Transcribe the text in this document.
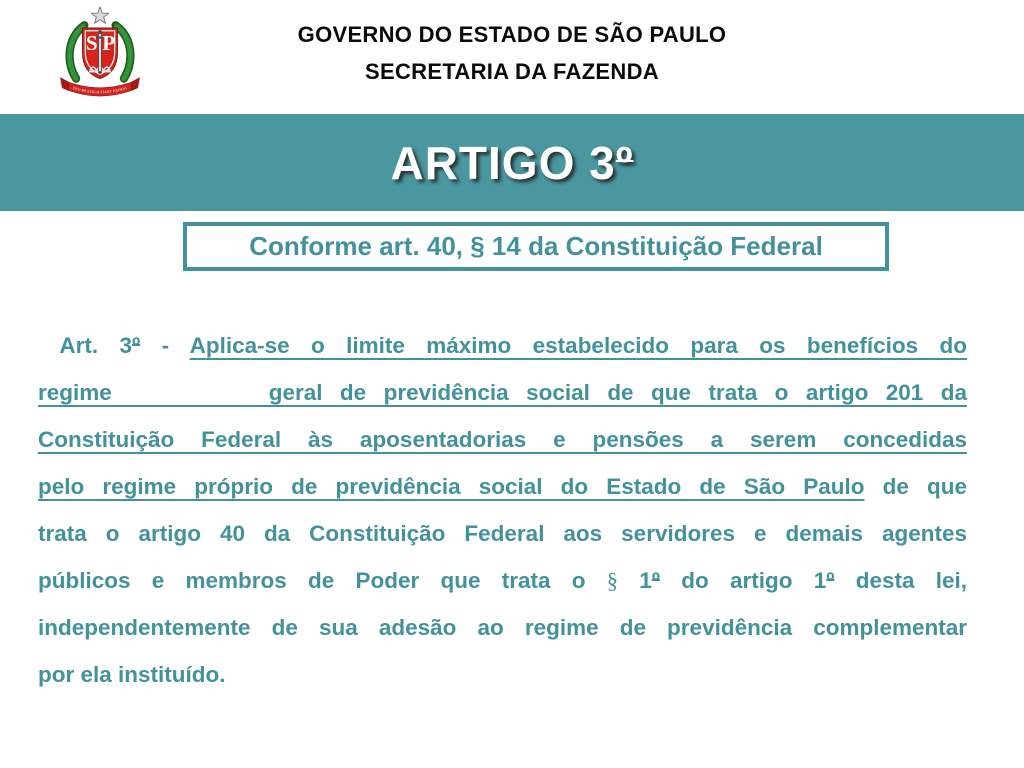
S P
PRO BRASILIA FIANT EXIMIA
GOVERNO DO ESTADO DE SÃO PAULO
SECRETARIA DA FAZENDA
ARTIGO 3º
Conforme art. 40, § 14 da Constituição Federal
Art. 3º - Aplica-se o limite máximo estabelecido para os benefícios do
regime         geral de previdência social de que trata o artigo 201 da
Constituição Federal às aposentadorias e pensões a serem concedidas
pelo regime próprio de previdência social do Estado de São Paulo de que
trata o artigo 40 da Constituição Federal aos servidores e demais agentes
públicos e membros de Poder que trata o § 1º do artigo 1º desta lei,
independentemente de sua adesão ao regime de previdência complementar
por ela instituído.
